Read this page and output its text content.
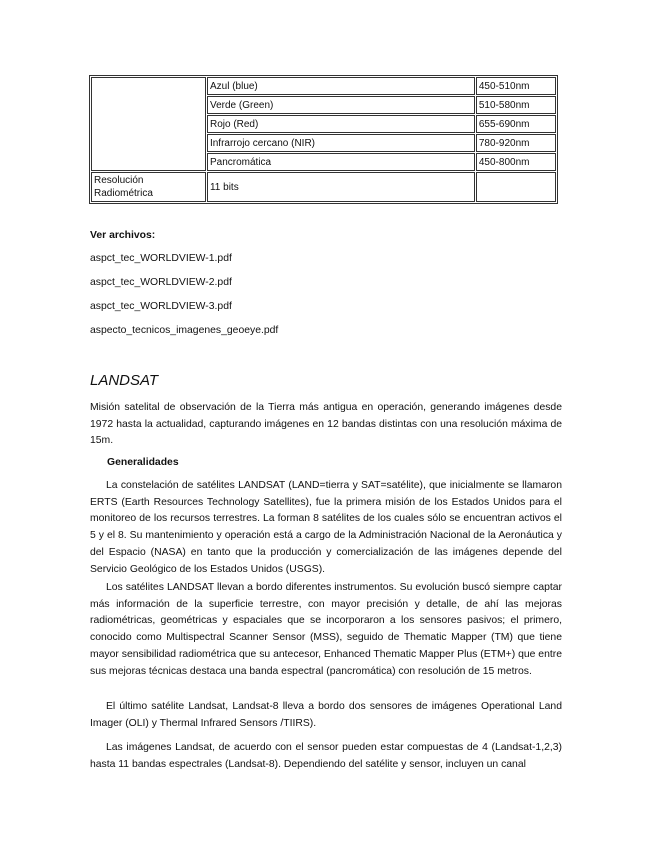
	Azul (blue)	450-510nm
	Verde (Green)	510-580nm
	Rojo (Red)	655-690nm
	Infrarrojo cercano (NIR)	780-920nm
	Pancromática	450-800nm
Resolución Radiométrica	11 bits	
Ver archivos:
aspct_tec_WORLDVIEW-1.pdf
aspct_tec_WORLDVIEW-2.pdf
aspct_tec_WORLDVIEW-3.pdf
aspecto_tecnicos_imagenes_geoeye.pdf
LANDSAT

Misión satelital de observación de la Tierra más antigua en operación, generando imágenes desde 1972 hasta la actualidad, capturando imágenes en 12 bandas distintas con una resolución máxima de 15m.

Generalidades

La constelación de satélites LANDSAT (LAND=tierra y SAT=satélite), que inicialmente se llamaron ERTS (Earth Resources Technology Satellites), fue la primera misión de los Estados Unidos para el monitoreo de los recursos terrestres. La forman 8 satélites de los cuales sólo se encuentran activos el 5 y el 8. Su mantenimiento y operación está a cargo de la Administración Nacional de la Aeronáutica y del Espacio (NASA) en tanto que la producción y comercialización de las imágenes depende del Servicio Geológico de los Estados Unidos (USGS).

Los satélites LANDSAT llevan a bordo diferentes instrumentos. Su evolución buscó siempre captar más información de la superficie terrestre, con mayor precisión y detalle, de ahí las mejoras radiométricas, geométricas y espaciales que se incorporaron a los sensores pasivos; el primero, conocido como Multispectral Scanner Sensor (MSS), seguido de Thematic Mapper (TM) que tiene mayor sensibilidad radiométrica que su antecesor, Enhanced Thematic Mapper Plus (ETM+) que entre sus mejoras técnicas destaca una banda espectral (pancromática) con resolución de 15 metros.

El último satélite Landsat, Landsat-8 lleva a bordo dos sensores de imágenes Operational Land Imager (OLI) y Thermal Infrared Sensors /TIIRS).

Las imágenes Landsat, de acuerdo con el sensor pueden estar compuestas de 4 (Landsat-1,2,3) hasta 11 bandas espectrales (Landsat-8). Dependiendo del satélite y sensor, incluyen un canal
